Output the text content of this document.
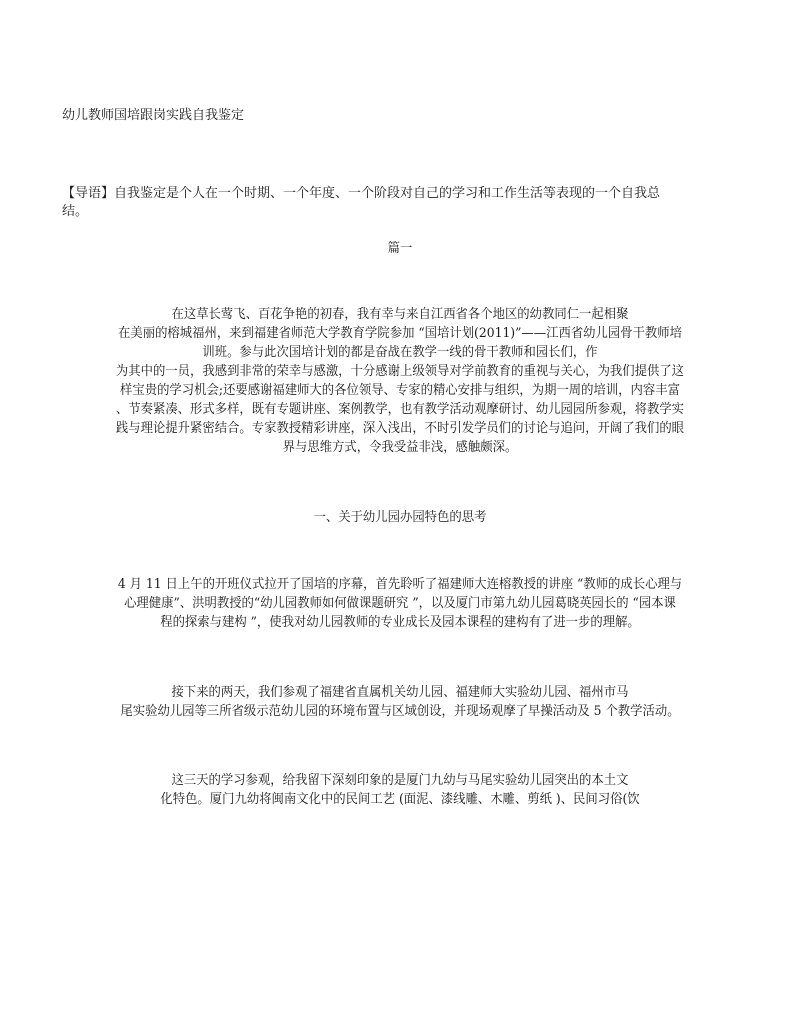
幼儿教师国培跟岗实践自我鉴定
【导语】自我鉴定是个人在一个时期、一个年度、一个阶段对自己的学习和工作生活等表现的一个自我总
结。
篇一
在这草长莺飞、百花争艳的初春，我有幸与来自江西省各个地区的幼教同仁一起相聚
在美丽的榕城福州，来到福建省师范大学教育学院参加 “国培计划(2011)”——江西省幼儿园骨干教师培
训班。参与此次国培计划的都是奋战在教学一线的骨干教师和园长们，作
为其中的一员，我感到非常的荣幸与感激，十分感谢上级领导对学前教育的重视与关心，为我们提供了这
样宝贵的学习机会;还要感谢福建师大的各位领导、专家的精心安排与组织，为期一周的培训，内容丰富
、节奏紧凑、形式多样，既有专题讲座、案例教学，也有教学活动观摩研讨、幼儿园园所参观，将教学实
践与理论提升紧密结合。专家教授精彩讲座，深入浅出，不时引发学员们的讨论与追问，开阔了我们的眼
界与思维方式，令我受益非浅，感触颇深。
一、关于幼儿园办园特色的思考
4 月 11 日上午的开班仪式拉开了国培的序幕，首先聆听了福建师大连榕教授的讲座 “教师的成长心理与
心理健康”、洪明教授的“幼儿园教师如何做课题研究 ”，以及厦门市第九幼儿园葛晓英园长的 “园本课
程的探索与建构 ”，使我对幼儿园教师的专业成长及园本课程的建构有了进一步的理解。
接下来的两天，我们参观了福建省直属机关幼儿园、福建师大实验幼儿园、福州市马
尾实验幼儿园等三所省级示范幼儿园的环境布置与区域创设，并现场观摩了早操活动及 5 个教学活动。
这三天的学习参观，给我留下深刻印象的是厦门九幼与马尾实验幼儿园突出的本土文
化特色。厦门九幼将闽南文化中的民间工艺 (面泥、漆线雕、木雕、剪纸 )、民间习俗(饮
